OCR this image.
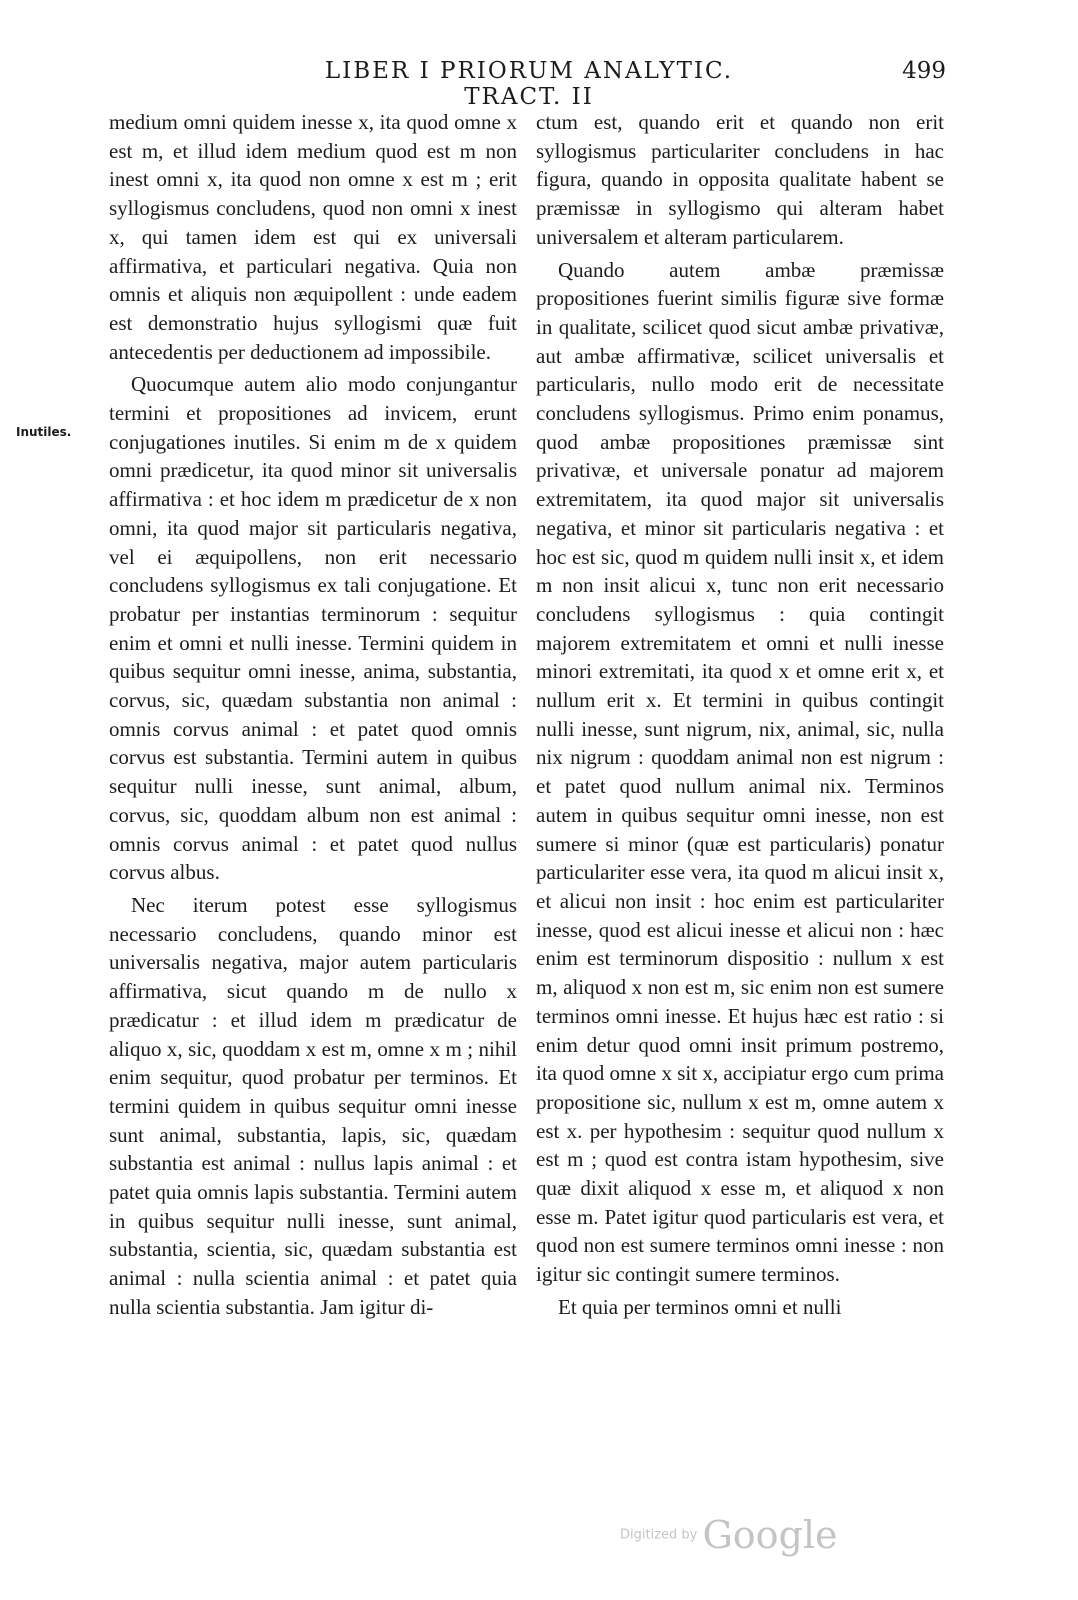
LIBER I PRIORUM ANALYTIC. TRACT. II
499
Inutiles.

medium omni quidem inesse x, ita quod omne x est m, et illud idem medium quod est m non inest omni x, ita quod non omne x est m ; erit syllogismus concludens, quod non omni x inest x, qui tamen idem est qui ex universali affirmativa, et particulari negativa. Quia non omnis et aliquis non æquipollent : unde eadem est demonstratio hujus syllogismi quæ fuit antecedentis per deductionem ad impossibile.

Quocumque autem alio modo conjungantur termini et propositiones ad invicem, erunt conjugationes inutiles. Si enim m de x quidem omni prædicetur, ita quod minor sit universalis affirmativa : et hoc idem m prædicetur de x non omni, ita quod major sit particularis negativa, vel ei æquipollens, non erit necessario concludens syllogismus ex tali conjugatione. Et probatur per instantias terminorum : sequitur enim et omni et nulli inesse. Termini quidem in quibus sequitur omni inesse, anima, substantia, corvus, sic, quædam substantia non animal : omnis corvus animal : et patet quod omnis corvus est substantia. Termini autem in quibus sequitur nulli inesse, sunt animal, album, corvus, sic, quoddam album non est animal : omnis corvus animal : et patet quod nullus corvus albus.

Nec iterum potest esse syllogismus necessario concludens, quando minor est universalis negativa, major autem particularis affirmativa, sicut quando m de nullo x prædicatur : et illud idem m prædicatur de aliquo x, sic, quoddam x est m, omne x m ; nihil enim sequitur, quod probatur per terminos. Et termini quidem in quibus sequitur omni inesse sunt animal, substantia, lapis, sic, quædam substantia est animal : nullus lapis animal : et patet quia omnis lapis substantia. Termini autem in quibus sequitur nulli inesse, sunt animal, substantia, scientia, sic, quædam substantia est animal : nulla scientia animal : et patet quia nulla scientia substantia. Jam igitur di-

ctum est, quando erit et quando non erit syllogismus particulariter concludens in hac figura, quando in opposita qualitate habent se præmissæ in syllogismo qui alteram habet universalem et alteram particularem.

Quando autem ambæ præmissæ propositiones fuerint similis figuræ sive formæ in qualitate, scilicet quod sicut ambæ privativæ, aut ambæ affirmativæ, scilicet universalis et particularis, nullo modo erit de necessitate concludens syllogismus. Primo enim ponamus, quod ambæ propositiones præmissæ sint privativæ, et universale ponatur ad majorem extremitatem, ita quod major sit universalis negativa, et minor sit particularis negativa : et hoc est sic, quod m quidem nulli insit x, et idem m non insit alicui x, tunc non erit necessario concludens syllogismus : quia contingit majorem extremitatem et omni et nulli inesse minori extremitati, ita quod x et omne erit x, et nullum erit x. Et termini in quibus contingit nulli inesse, sunt nigrum, nix, animal, sic, nulla nix nigrum : quoddam animal non est nigrum : et patet quod nullum animal nix. Terminos autem in quibus sequitur omni inesse, non est sumere si minor (quæ est particularis) ponatur particulariter esse vera, ita quod m alicui insit x, et alicui non insit : hoc enim est particulariter inesse, quod est alicui inesse et alicui non : hæc enim est terminorum dispositio : nullum x est m, aliquod x non est m, sic enim non est sumere terminos omni inesse. Et hujus hæc est ratio : si enim detur quod omni insit primum postremo, ita quod omne x sit x, accipiatur ergo cum prima propositione sic, nullum x est m, omne autem x est x. per hypothesim : sequitur quod nullum x est m ; quod est contra istam hypothesim, sive quæ dixit aliquod x esse m, et aliquod x non esse m. Patet igitur quod particularis est vera, et quod non est sumere terminos omni inesse : non igitur sic contingit sumere terminos.

Et quia per terminos omni et nulli

Digitized by Google
